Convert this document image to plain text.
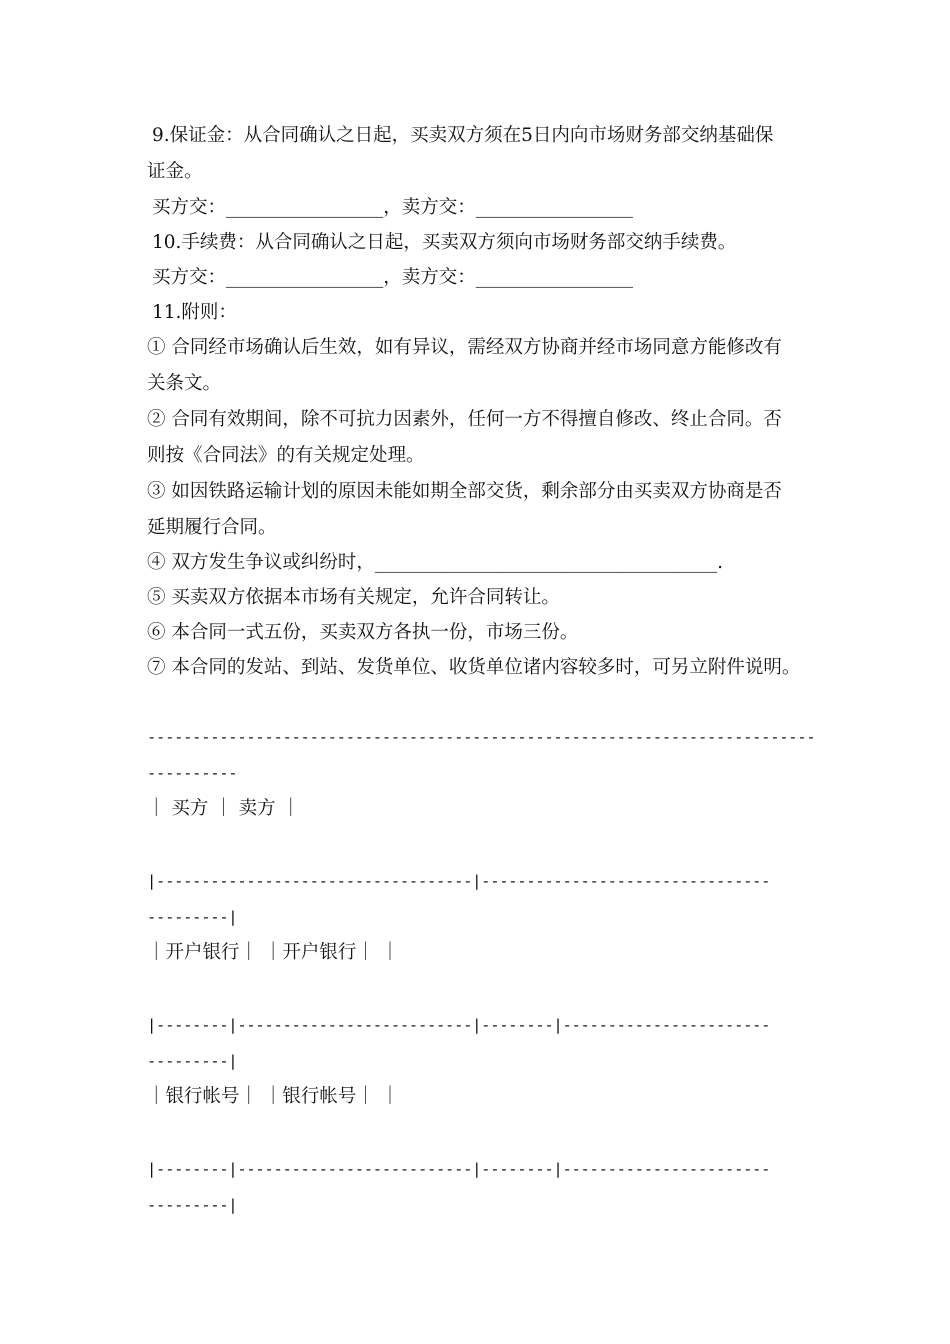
9.保证金：从合同确认之日起，买卖双方须在5日内向市场财务部交纳基础保
证金。
买方交：_________________，卖方交：_________________
10.手续费：从合同确认之日起，买卖双方须向市场财务部交纳手续费。
买方交：_________________，卖方交：_________________
11.附则：
① 合同经市场确认后生效，如有异议，需经双方协商并经市场同意方能修改有
关条文。
② 合同有效期间，除不可抗力因素外，任何一方不得擅自修改、终止合同。否
则按《合同法》的有关规定处理。
③ 如因铁路运输计划的原因未能如期全部交货，剩余部分由买卖双方协商是否
延期履行合同。
④ 双方发生争议或纠纷时，_____________________________________.
⑤ 买卖双方依据本市场有关规定，允许合同转让。
⑥ 本合同一式五份，买卖双方各执一份，市场三份。
⑦ 本合同的发站、到站、发货单位、收货单位诸内容较多时，可另立附件说明。
--------------------------------------------------------------------------
----------
｜ 买方 ｜ 卖方 ｜
|-----------------------------------|--------------------------------
---------|
｜开户银行｜ ｜开户银行｜ ｜
|--------|--------------------------|--------|-----------------------
---------|
｜银行帐号｜ ｜银行帐号｜ ｜
|--------|--------------------------|--------|-----------------------
---------|
